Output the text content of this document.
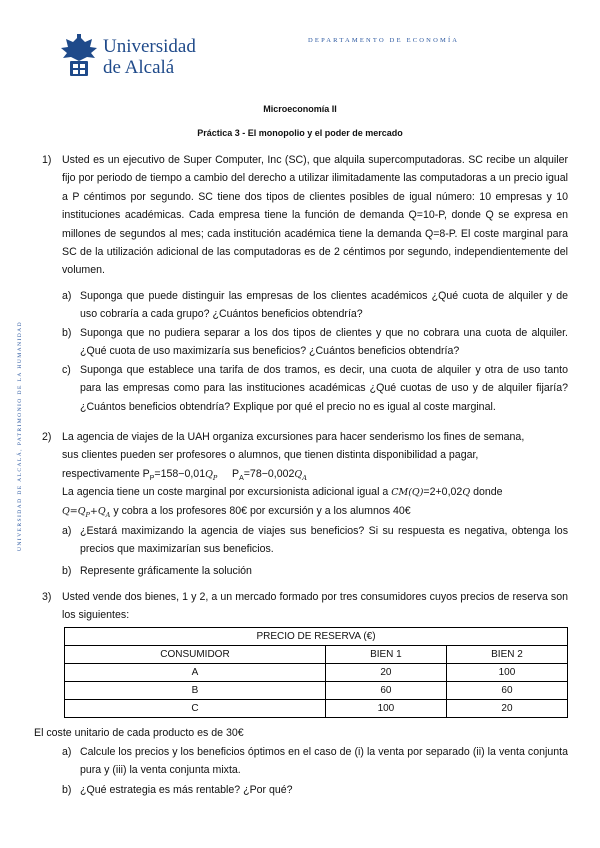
Universidad
de Alcalá
DEPARTAMENTO DE ECONOMÍA
UNIVERSIDAD DE ALCALÁ, PATRIMONIO DE LA HUMANIDAD
Microeconomía II
Práctica 3 - El monopolio y el poder de mercado
1) Usted es un ejecutivo de Super Computer, Inc (SC), que alquila supercomputadoras. SC recibe un alquiler fijo por periodo de tiempo a cambio del derecho a utilizar ilimitadamente las computadoras a un precio igual a P céntimos por segundo. SC tiene dos tipos de clientes posibles de igual número: 10 empresas y 10 instituciones académicas. Cada empresa tiene la función de demanda Q=10-P, donde Q se expresa en millones de segundos al mes; cada institución académica tiene la demanda Q=8-P. El coste marginal para SC de la utilización adicional de las computadoras es de 2 céntimos por segundo, independientemente del volumen.

a) Suponga que puede distinguir las empresas de los clientes académicos ¿Qué cuota de alquiler y de uso cobraría a cada grupo? ¿Cuántos beneficios obtendría?

b) Suponga que no pudiera separar a los dos tipos de clientes y que no cobrara una cuota de alquiler. ¿Qué cuota de uso maximizaría sus beneficios? ¿Cuántos beneficios obtendría?

c) Suponga que establece una tarifa de dos tramos, es decir, una cuota de alquiler y otra de uso tanto para las empresas como para las instituciones académicas ¿Qué cuotas de uso y de alquiler fijaría? ¿Cuántos beneficios obtendría? Explique por qué el precio no es igual al coste marginal.

2) La agencia de viajes de la UAH organiza excursiones para hacer senderismo los fines de semana,
sus clientes pueden ser profesores o alumnos, que tienen distinta disponibilidad a pagar,
respectivamente $P_P=158-0,01Q_P$ $P_A=78-0,002Q_A$
La agencia tiene un coste marginal por excursionista adicional igual a CM(Q)=2+0,02Q donde
$Q=Q_P+Q_A$ y cobra a los profesores 80€ por excursión y a los alumnos 40€
a) ¿Estará maximizando la agencia de viajes sus beneficios? Si su respuesta es negativa, obtenga los precios que maximizarían sus beneficios.

b) Represente gráficamente la solución

3) Usted vende dos bienes, 1 y 2, a un mercado formado por tres consumidores cuyos precios de reserva son los siguientes:

PRECIO DE RESERVA (€)		
CONSUMIDOR	BIEN 1	BIEN 2
A	20	100
B	60	60
C	100	20
El coste unitario de cada producto es de 30€
a) Calcule los precios y los beneficios óptimos en el caso de (i) la venta por separado (ii) la venta conjunta pura y (iii) la venta conjunta mixta.

b) ¿Qué estrategia es más rentable? ¿Por qué?
